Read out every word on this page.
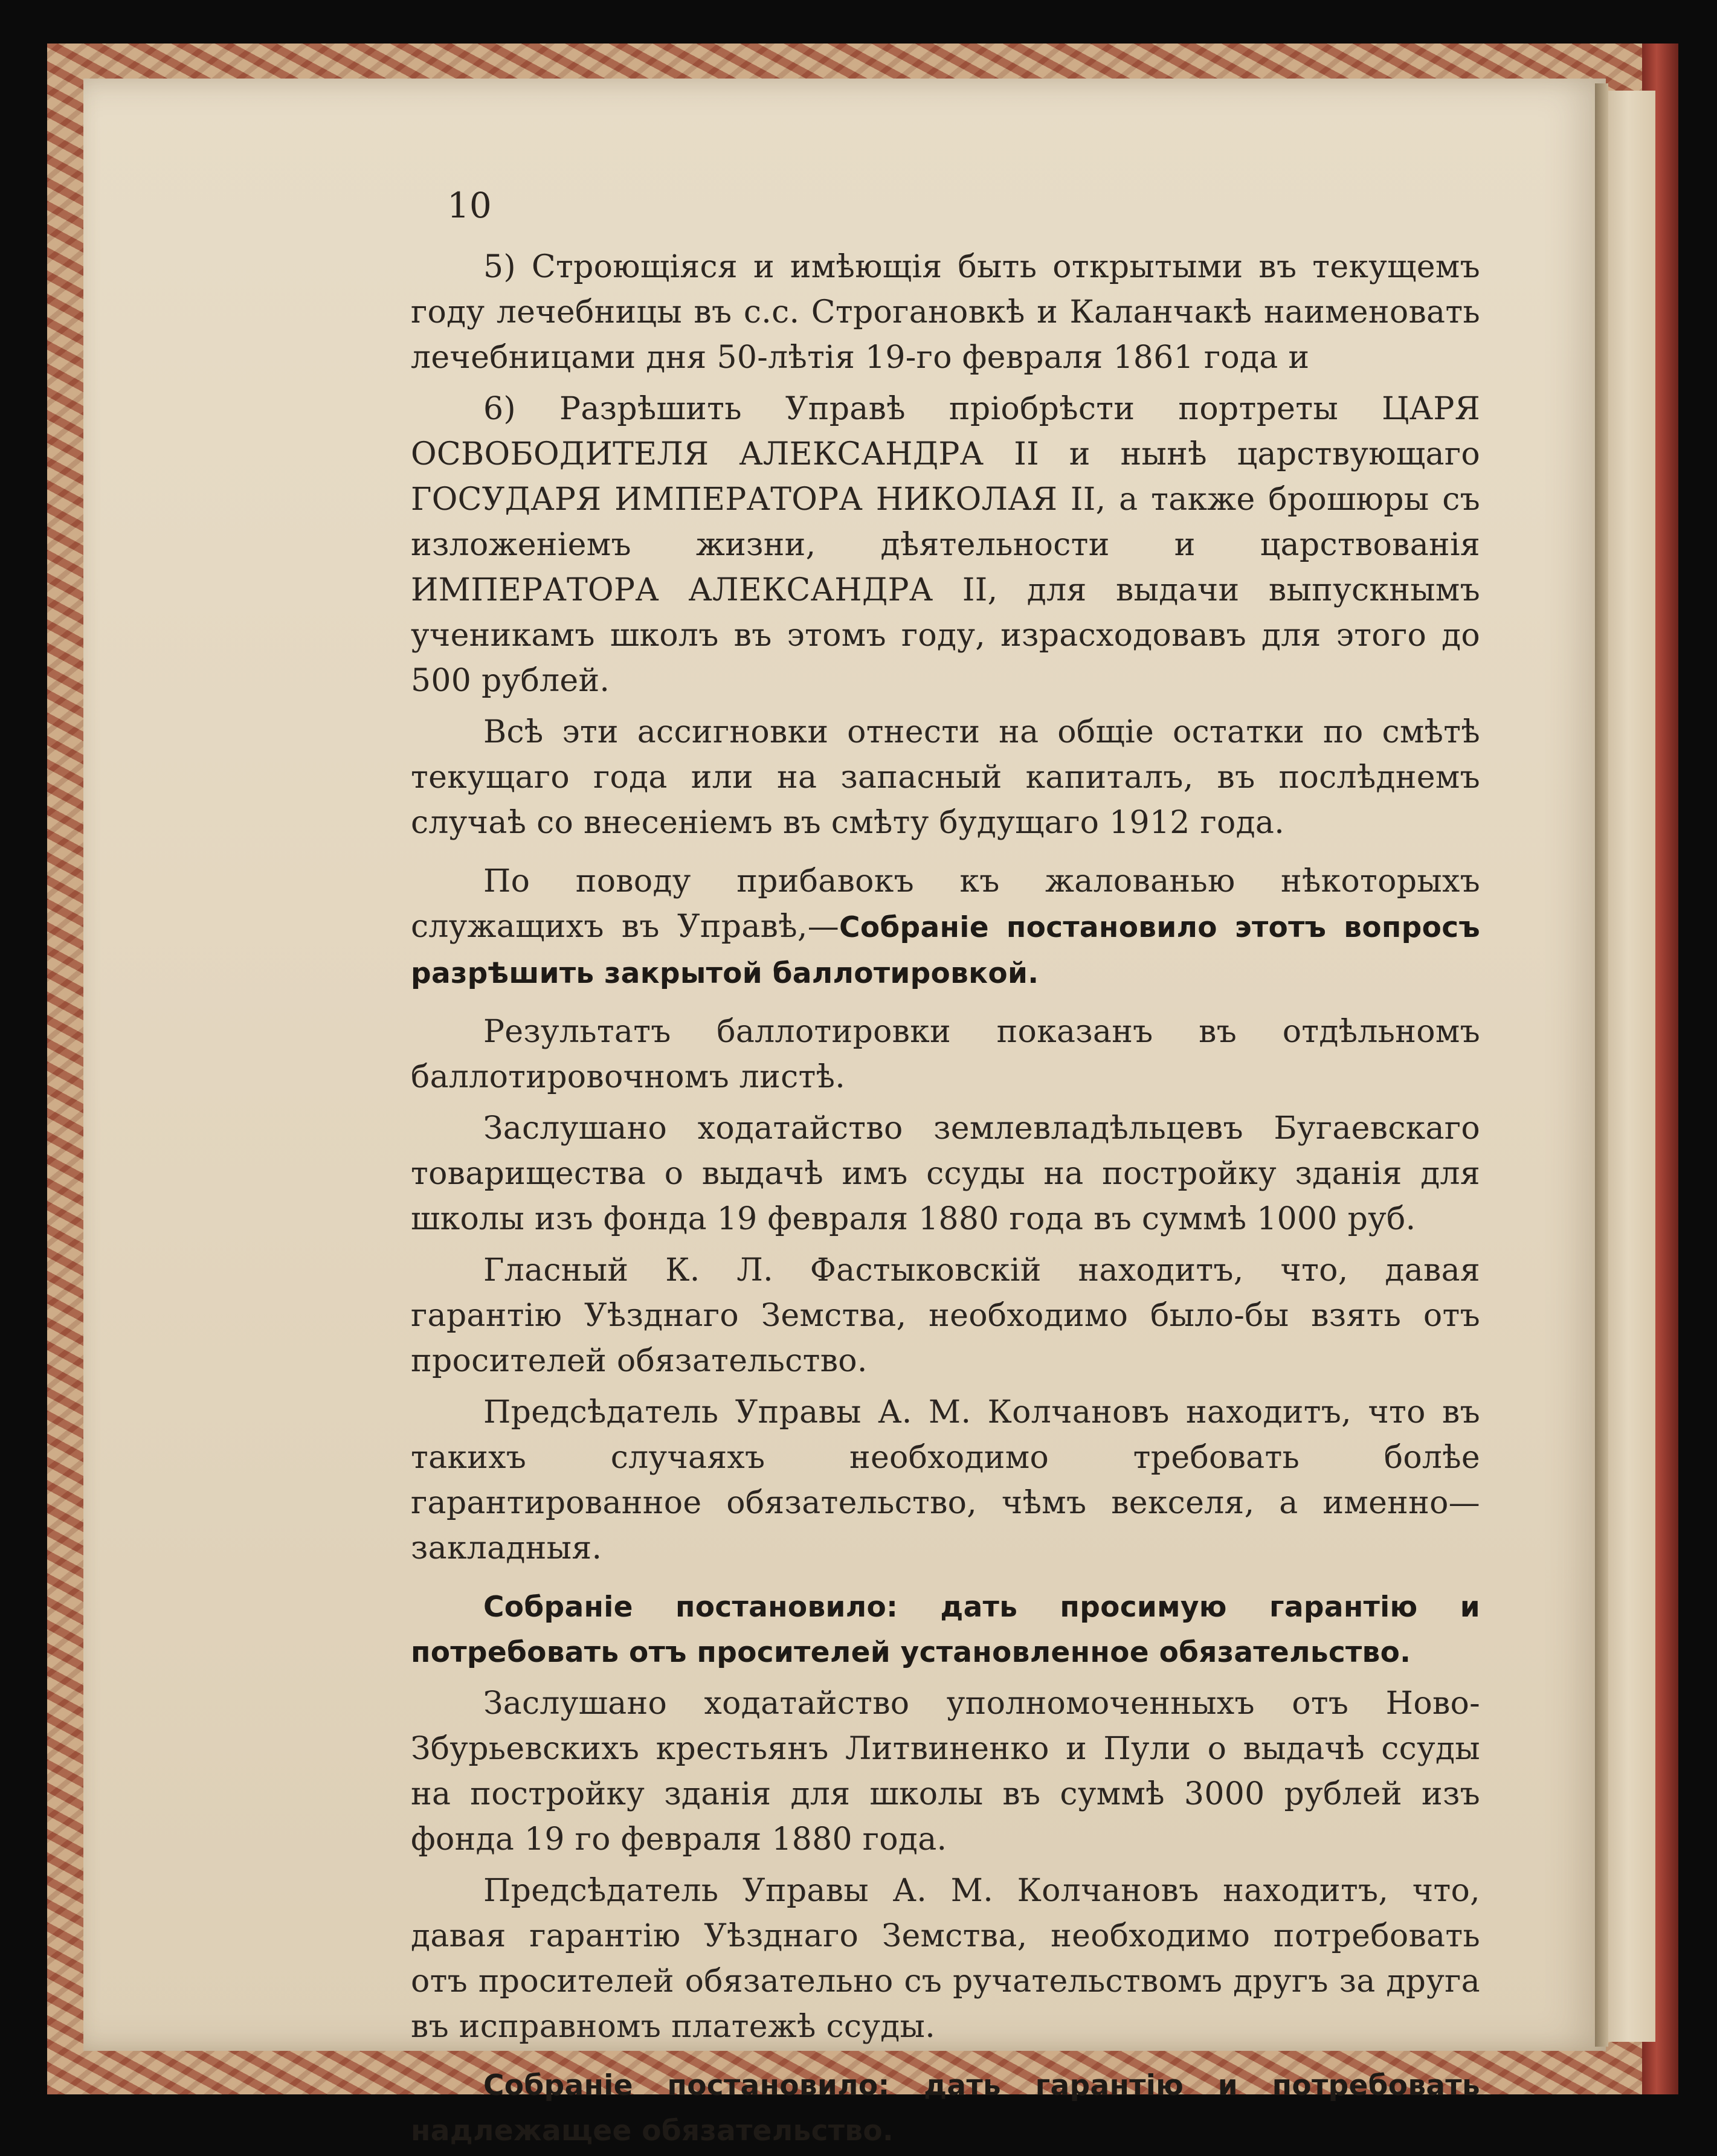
10

5) Строющіяся и имѣющія быть открытыми въ текущемъ году лечебницы въ с.с. Строгановкѣ и Каланчакѣ наименовать лечебницами дня 50-лѣтія 19-го февраля 1861 года и

6) Разрѣшить Управѣ пріобрѣсти портреты ЦАРЯ ОСВОБОДИТЕЛЯ АЛЕКСАНДРА II и нынѣ царствующаго ГОСУДАРЯ ИМПЕРАТОРА НИКОЛАЯ II, а также брошюры съ изложеніемъ жизни, дѣятельности и царствованія ИМПЕРАТОРА АЛЕКСАНДРА II, для выдачи выпускнымъ ученикамъ школъ въ этомъ году, израсходовавъ для этого до 500 рублей.

Всѣ эти ассигновки отнести на общіе остатки по смѣтѣ текущаго года или на запасный капиталъ, въ послѣднемъ случаѣ со внесеніемъ въ смѣту будущаго 1912 года.

По поводу прибавокъ къ жалованью нѣкоторыхъ служащихъ въ Управѣ,—Собраніе постановило этотъ вопросъ разрѣшить закрытой баллотировкой.

Результатъ баллотировки показанъ въ отдѣльномъ баллотировочномъ листѣ.

Заслушано ходатайство землевладѣльцевъ Бугаевскаго товарищества о выдачѣ имъ ссуды на постройку зданія для школы изъ фонда 19 февраля 1880 года въ суммѣ 1000 руб.

Гласный К. Л. Фастыковскій находитъ, что, давая гарантію Уѣзднаго Земства, необходимо было-бы взять отъ просителей обязательство.

Предсѣдатель Управы А. М. Колчановъ находитъ, что въ такихъ случаяхъ необходимо требовать болѣе гарантированное обязательство, чѣмъ векселя, а именно—закладныя.

Собраніе постановило: дать просимую гарантію и потребовать отъ просителей установленное обязательство.

Заслушано ходатайство уполномоченныхъ отъ Ново-Збурьевскихъ крестьянъ Литвиненко и Пули о выдачѣ ссуды на постройку зданія для школы въ суммѣ 3000 рублей изъ фонда 19 го февраля 1880 года.

Предсѣдатель Управы А. М. Колчановъ находитъ, что, давая гарантію Уѣзднаго Земства, необходимо потребовать отъ просителей обязательно съ ручательствомъ другъ за друга въ исправномъ платежѣ ссуды.

Собраніе постановило: дать гарантію и потребовать надлежащее обязательство.
